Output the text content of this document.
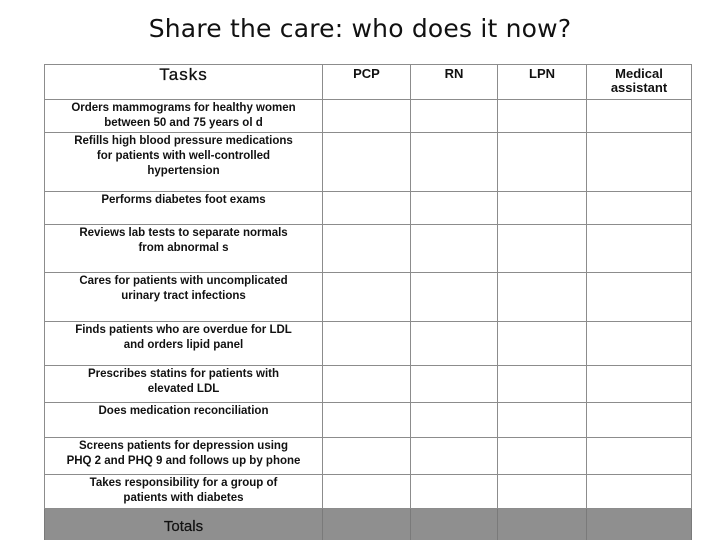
Share the care: who does it now?
Tasks	PCP	RN	LPN	Medical
assistant
Orders mammograms for healthy women
between 50 and 75 years ol d				
Refills high blood pressure medications
for patients with well-controlled
hypertension				
Performs diabetes foot exams				
Reviews lab tests to separate normals
from abnormal s				
Cares for patients with uncomplicated
urinary tract infections				
Finds patients who are overdue for LDL
and orders lipid panel				
Prescribes statins for patients with
elevated LDL				
Does medication reconciliation				
Screens patients for depression using
PHQ 2 and PHQ 9 and follows up by phone				
Takes responsibility for a group of
patients with diabetes				
Totals				
